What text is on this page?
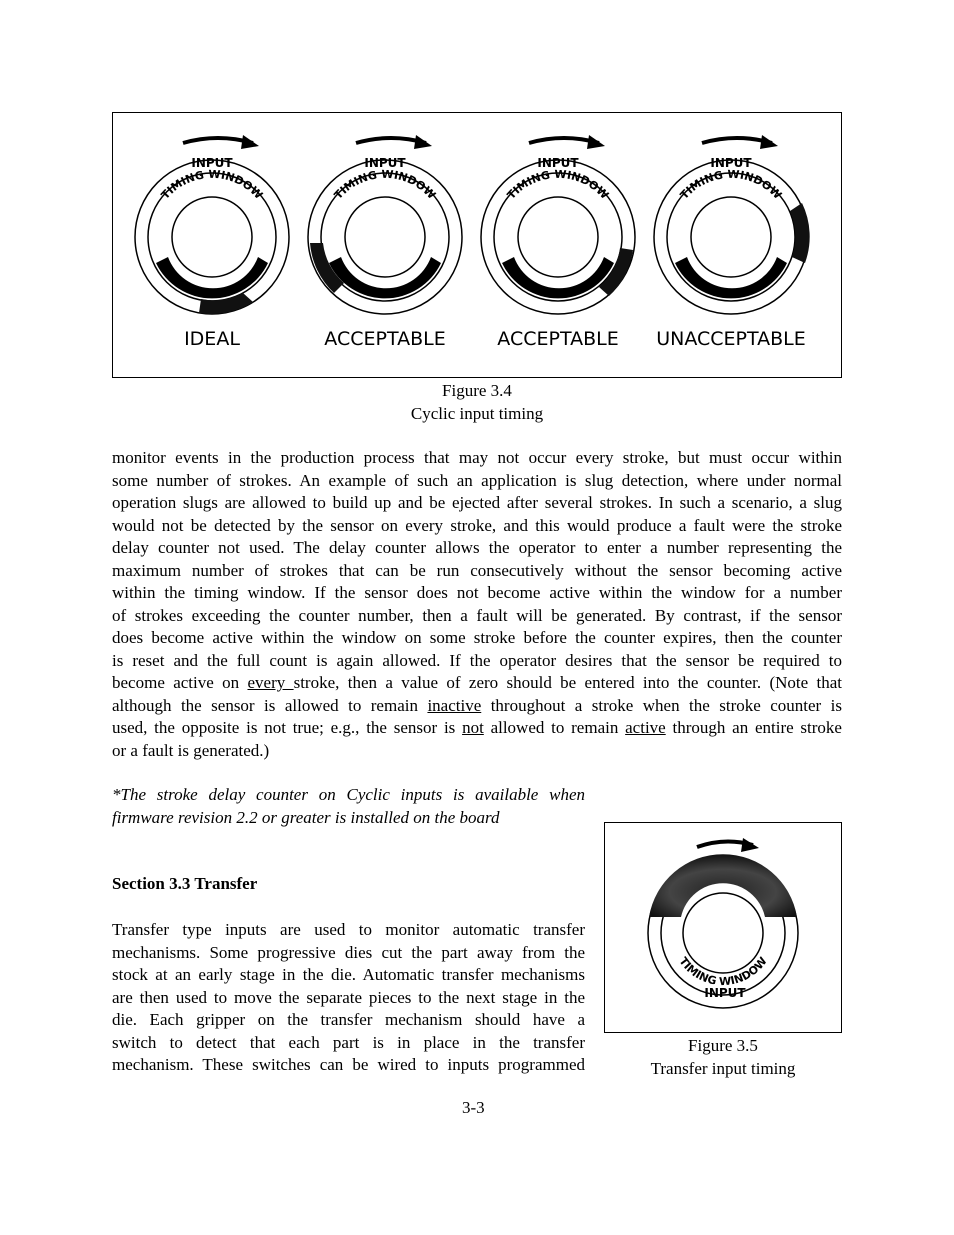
INPUT
TIMING WINDOW
INPUT
TIMING WINDOW
INPUT
TIMING WINDOW
INPUT
TIMING WINDOW
IDEAL	ACCEPTABLE	ACCEPTABLE UNACCEPTABLE
Figure 3.4
Cyclic input timing
monitor events in the production process that may not occur every stroke, but must occur within
some number of strokes. An example of such an application is slug detection, where under normal
operation slugs are allowed to build up and be ejected after several strokes. In such a scenario, a slug
would not be detected by the sensor on every stroke, and this would produce a fault were the stroke
delay counter not used. The delay counter allows the operator to enter a number representing the
maximum number of strokes that can be run consecutively without the sensor becoming active
within the timing window. If the sensor does not become active within the window for a number
of strokes exceeding the counter number, then a fault will be generated. By contrast, if the sensor
does become active within the window on some stroke before the counter expires, then the counter
is reset and the full count is again allowed. If the operator desires that the sensor be required to
become active on every stroke, then a value of zero should be entered into the counter. (Note that
although the sensor is allowed to remain inactive throughout a stroke when the stroke counter is
used, the opposite is not true; e.g., the sensor is not allowed to remain active through an entire stroke
or a fault is generated.)
*The stroke delay counter on Cyclic inputs is available when
firmware revision 2.2 or greater is installed on the board
Section 3.3 Transfer
Transfer type inputs are used to monitor automatic transfer
mechanisms. Some progressive dies cut the part away from the
stock at an early stage in the die. Automatic transfer mechanisms
are then used to move the separate pieces to the next stage in the
die. Each gripper on the transfer mechanism should have a
switch to detect that each part is in place in the transfer
mechanism. These switches can be wired to inputs programmed
TIMING WINDOW
INPUT
Figure 3.5
Transfer input timing
3-3
